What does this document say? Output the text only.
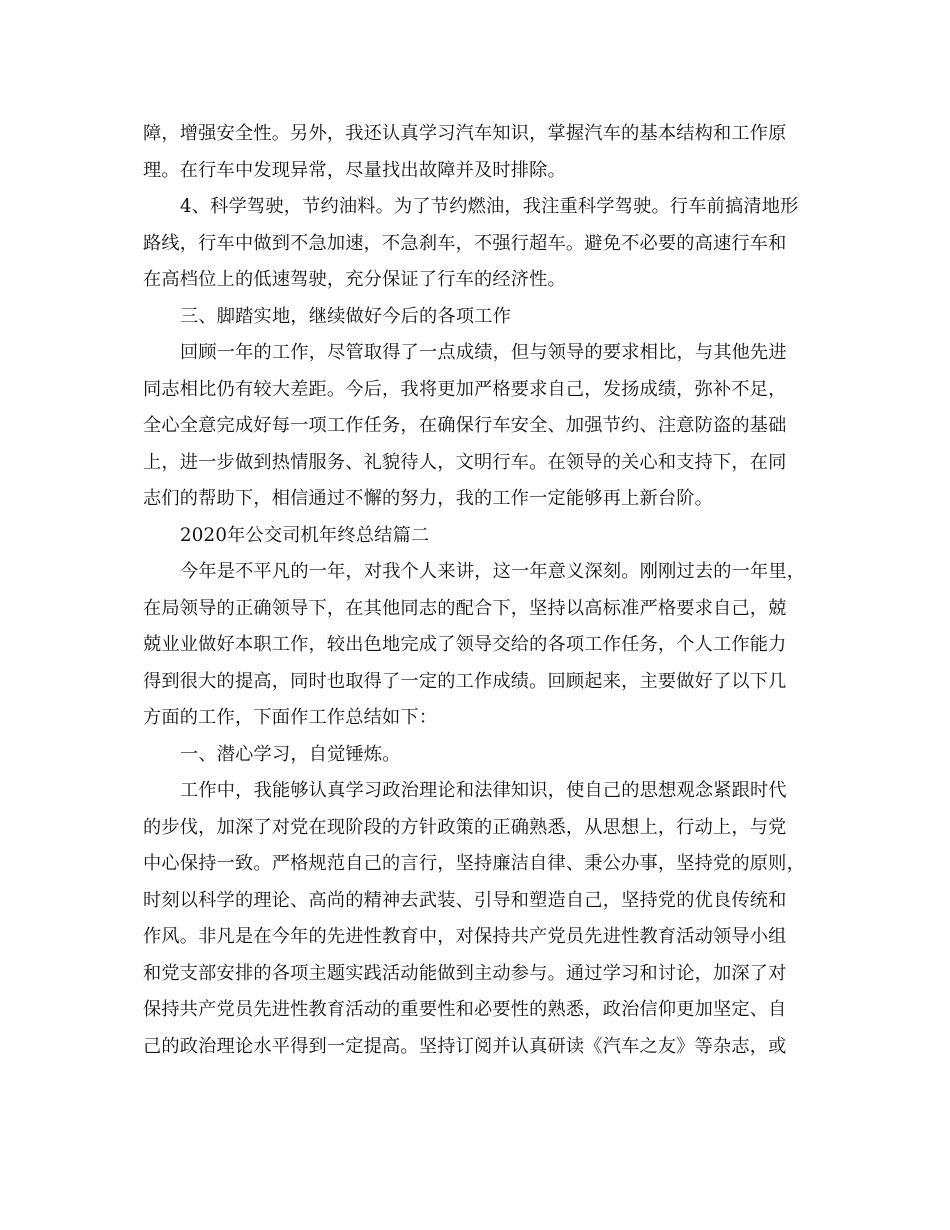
障，增强安全性。另外，我还认真学习汽车知识，掌握汽车的基本结构和工作原
理。在行车中发现异常，尽量找出故障并及时排除。
4、科学驾驶，节约油料。为了节约燃油，我注重科学驾驶。行车前搞清地形
路线，行车中做到不急加速，不急刹车，不强行超车。避免不必要的高速行车和
在高档位上的低速驾驶，充分保证了行车的经济性。
三、脚踏实地，继续做好今后的各项工作
回顾一年的工作，尽管取得了一点成绩，但与领导的要求相比，与其他先进
同志相比仍有较大差距。今后，我将更加严格要求自己，发扬成绩，弥补不足，
全心全意完成好每一项工作任务，在确保行车安全、加强节约、注意防盗的基础
上，进一步做到热情服务、礼貌待人，文明行车。在领导的关心和支持下，在同
志们的帮助下，相信通过不懈的努力，我的工作一定能够再上新台阶。
2020年公交司机年终总结篇二
今年是不平凡的一年，对我个人来讲，这一年意义深刻。刚刚过去的一年里，
在局领导的正确领导下，在其他同志的配合下，坚持以高标准严格要求自己，兢
兢业业做好本职工作，较出色地完成了领导交给的各项工作任务，个人工作能力
得到很大的提高，同时也取得了一定的工作成绩。回顾起来，主要做好了以下几
方面的工作，下面作工作总结如下：
一、潜心学习，自觉锤炼。
工作中，我能够认真学习政治理论和法律知识，使自己的思想观念紧跟时代
的步伐，加深了对党在现阶段的方针政策的正确熟悉，从思想上，行动上，与党
中心保持一致。严格规范自己的言行，坚持廉洁自律、秉公办事，坚持党的原则，
时刻以科学的理论、高尚的精神去武装、引导和塑造自己，坚持党的优良传统和
作风。非凡是在今年的先进性教育中，对保持共产党员先进性教育活动领导小组
和党支部安排的各项主题实践活动能做到主动参与。通过学习和讨论，加深了对
保持共产党员先进性教育活动的重要性和必要性的熟悉，政治信仰更加坚定、自
己的政治理论水平得到一定提高。坚持订阅并认真研读《汽车之友》等杂志，或
